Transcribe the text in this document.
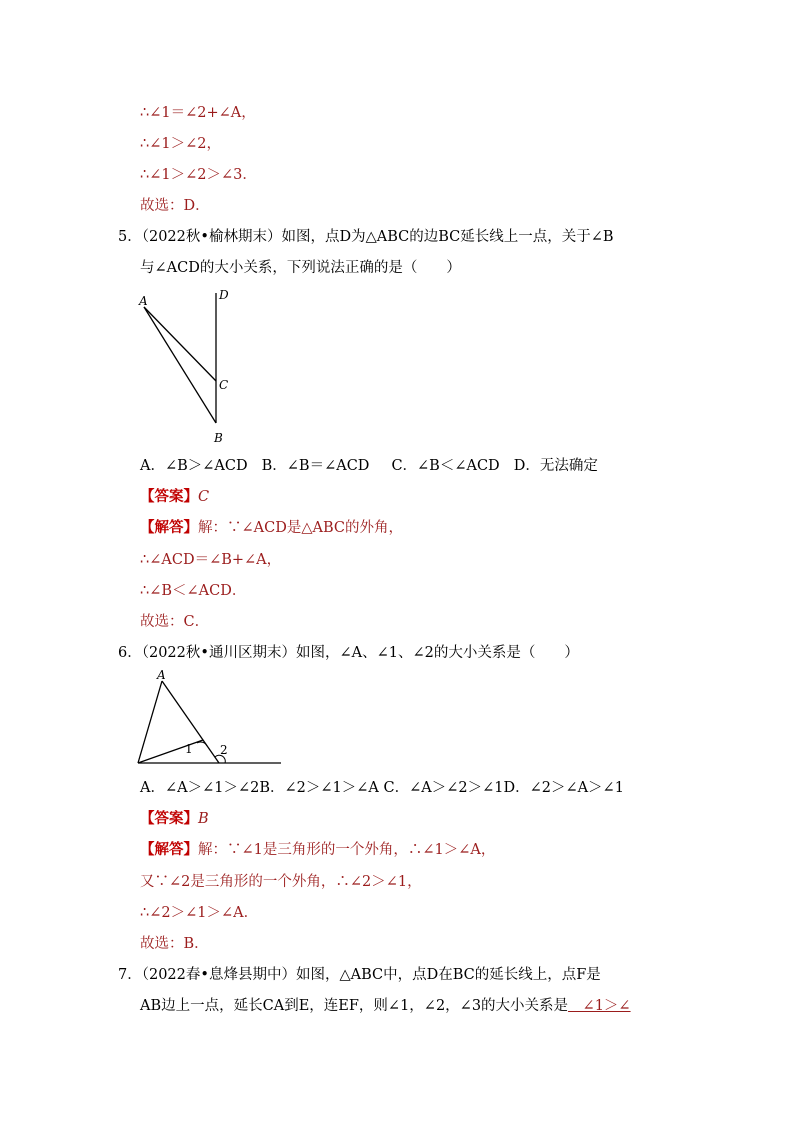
∴∠1＝∠2+∠A，
∴∠1＞∠2，
∴∠1＞∠2＞∠3．
故选：D．
5．（2022秋•榆林期末）如图，点D为△ABC的边BC延长线上一点，关于∠B
与∠ACD的大小关系，下列说法正确的是（　　）
A	D
C
B
A．∠B＞∠ACD B．∠B＝∠ACD C．∠B＜∠ACD D．无法确定
【答案】C
【解答】解：∵∠ACD是△ABC的外角，
∴∠ACD＝∠B+∠A，
∴∠B＜∠ACD．
故选：C．
6．（2022秋•通川区期末）如图，∠A、∠1、∠2的大小关系是（　　）
A
1 2
A．∠A＞∠1＞∠2B．∠2＞∠1＞∠A C．∠A＞∠2＞∠1D．∠2＞∠A＞∠1
【答案】B
【解答】解：∵∠1是三角形的一个外角，∴∠1＞∠A，
又∵∠2是三角形的一个外角，∴∠2＞∠1，
∴∠2＞∠1＞∠A．
故选：B．
7．（2022春•息烽县期中）如图，△ABC中，点D在BC的延长线上，点F是
AB边上一点，延长CA到E，连EF，则∠1，∠2，∠3的大小关系是　∠1＞∠
